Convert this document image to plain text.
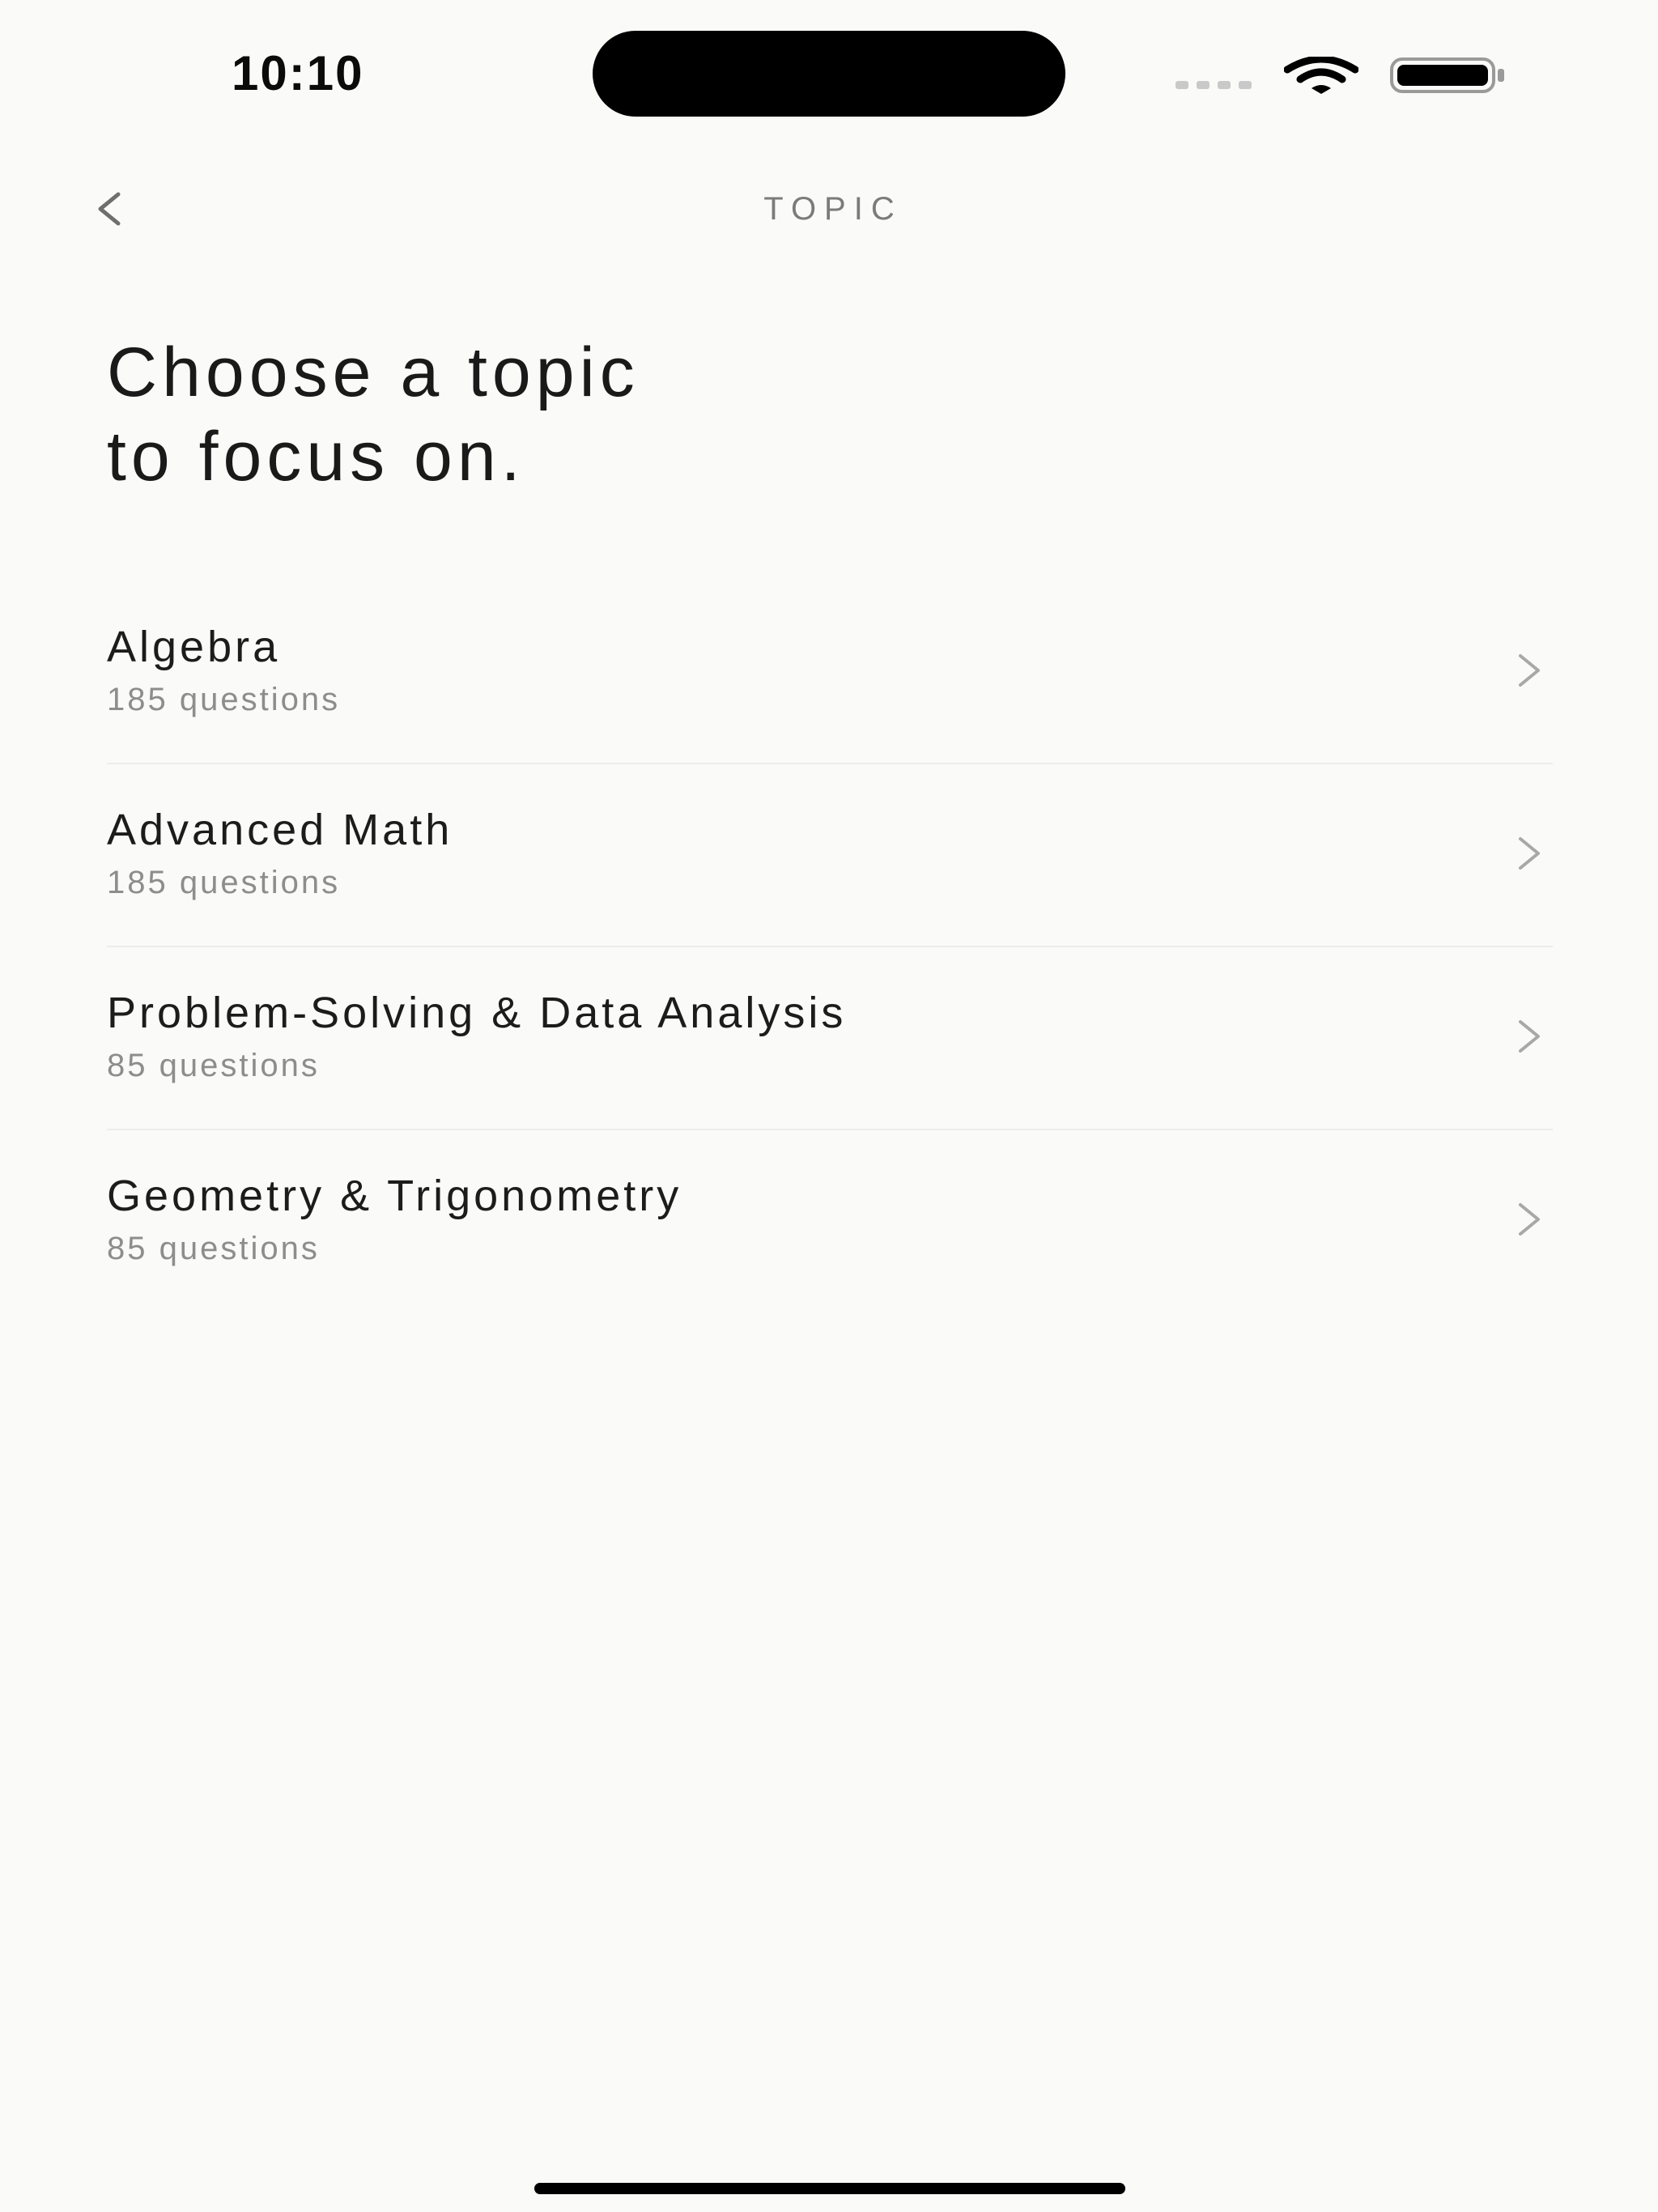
10:10
TOPIC
Choose a topic
to focus on.
Algebra
185 questions
Advanced Math
185 questions
Problem-Solving & Data Analysis
85 questions
Geometry & Trigonometry
85 questions
